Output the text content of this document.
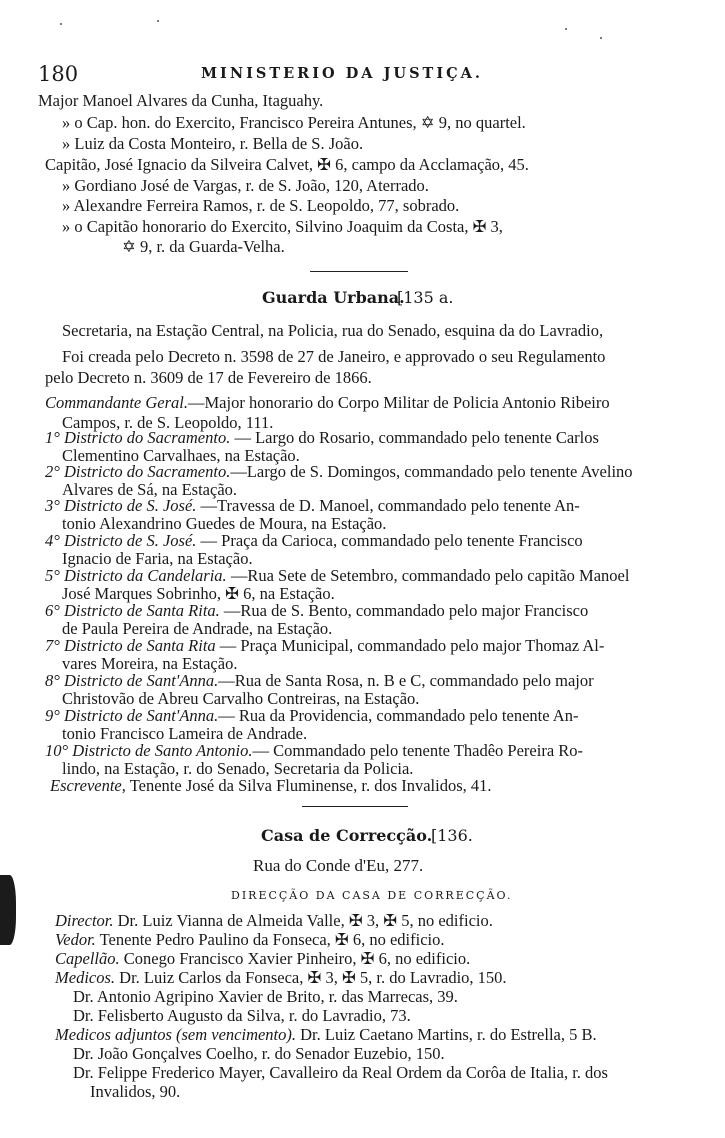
180	MINISTERIO DA JUSTIÇA.
Major Manoel Alvares da Cunha, Itaguahy.
» o Cap. hon. do Exercito, Francisco Pereira Antunes, ✡ 9, no quartel.
» Luiz da Costa Monteiro, r. Bella de S. João.
Capitão, José Ignacio da Silveira Calvet, ✠ 6, campo da Acclamação, 45.
» Gordiano José de Vargas, r. de S. João, 120, Aterrado.
» Alexandre Ferreira Ramos, r. de S. Leopoldo, 77, sobrado.
» o Capitão honorario do Exercito, Silvino Joaquim da Costa, ✠ 3,
✡ 9, r. da Guarda-Velha.
Guarda Urbana.
[135 a.
Secretaria, na Estação Central, na Policia, rua do Senado, esquina da do Lavradio,
Foi creada pelo Decreto n. 3598 de 27 de Janeiro, e approvado o seu Regulamento
pelo Decreto n. 3609 de 17 de Fevereiro de 1866.
Commandante Geral.—Major honorario do Corpo Militar de Policia Antonio Ribeiro
Campos, r. de S. Leopoldo, 111.
1° Districto do Sacramento. — Largo do Rosario, commandado pelo tenente Carlos
Clementino Carvalhaes, na Estação.
2° Districto do Sacramento.—Largo de S. Domingos, commandado pelo tenente Avelino
Alvares de Sá, na Estação.
3° Districto de S. José. —Travessa de D. Manoel, commandado pelo tenente An-
tonio Alexandrino Guedes de Moura, na Estação.
4° Districto de S. José. — Praça da Carioca, commandado pelo tenente Francisco
Ignacio de Faria, na Estação.
5° Districto da Candelaria. —Rua Sete de Setembro, commandado pelo capitão Manoel
José Marques Sobrinho, ✠ 6, na Estação.
6° Districto de Santa Rita. —Rua de S. Bento, commandado pelo major Francisco
de Paula Pereira de Andrade, na Estação.
7° Districto de Santa Rita — Praça Municipal, commandado pelo major Thomaz Al-
vares Moreira, na Estação.
8° Districto de Sant'Anna.—Rua de Santa Rosa, n. B e C, commandado pelo major
Christovão de Abreu Carvalho Contreiras, na Estação.
9° Districto de Sant'Anna.— Rua da Providencia, commandado pelo tenente An-
tonio Francisco Lameira de Andrade.
10° Districto de Santo Antonio.— Commandado pelo tenente Thadêo Pereira Ro-
lindo, na Estação, r. do Senado, Secretaria da Policia.
Escrevente, Tenente José da Silva Fluminense, r. dos Invalidos, 41.
Casa de Correcção.
[136.
Rua do Conde d'Eu, 277.
DIRECÇÃO DA CASA DE CORRECÇÃO.
Director. Dr. Luiz Vianna de Almeida Valle, ✠ 3, ✠ 5, no edificio.
Vedor. Tenente Pedro Paulino da Fonseca, ✠ 6, no edificio.
Capellão. Conego Francisco Xavier Pinheiro, ✠ 6, no edificio.
Medicos. Dr. Luiz Carlos da Fonseca, ✠ 3, ✠ 5, r. do Lavradio, 150.
Dr. Antonio Agripino Xavier de Brito, r. das Marrecas, 39.
Dr. Felisberto Augusto da Silva, r. do Lavradio, 73.
Medicos adjuntos (sem vencimento). Dr. Luiz Caetano Martins, r. do Estrella, 5 B.
Dr. João Gonçalves Coelho, r. do Senador Euzebio, 150.
Dr. Felippe Frederico Mayer, Cavalleiro da Real Ordem da Corôa de Italia, r. dos
Invalidos, 90.
